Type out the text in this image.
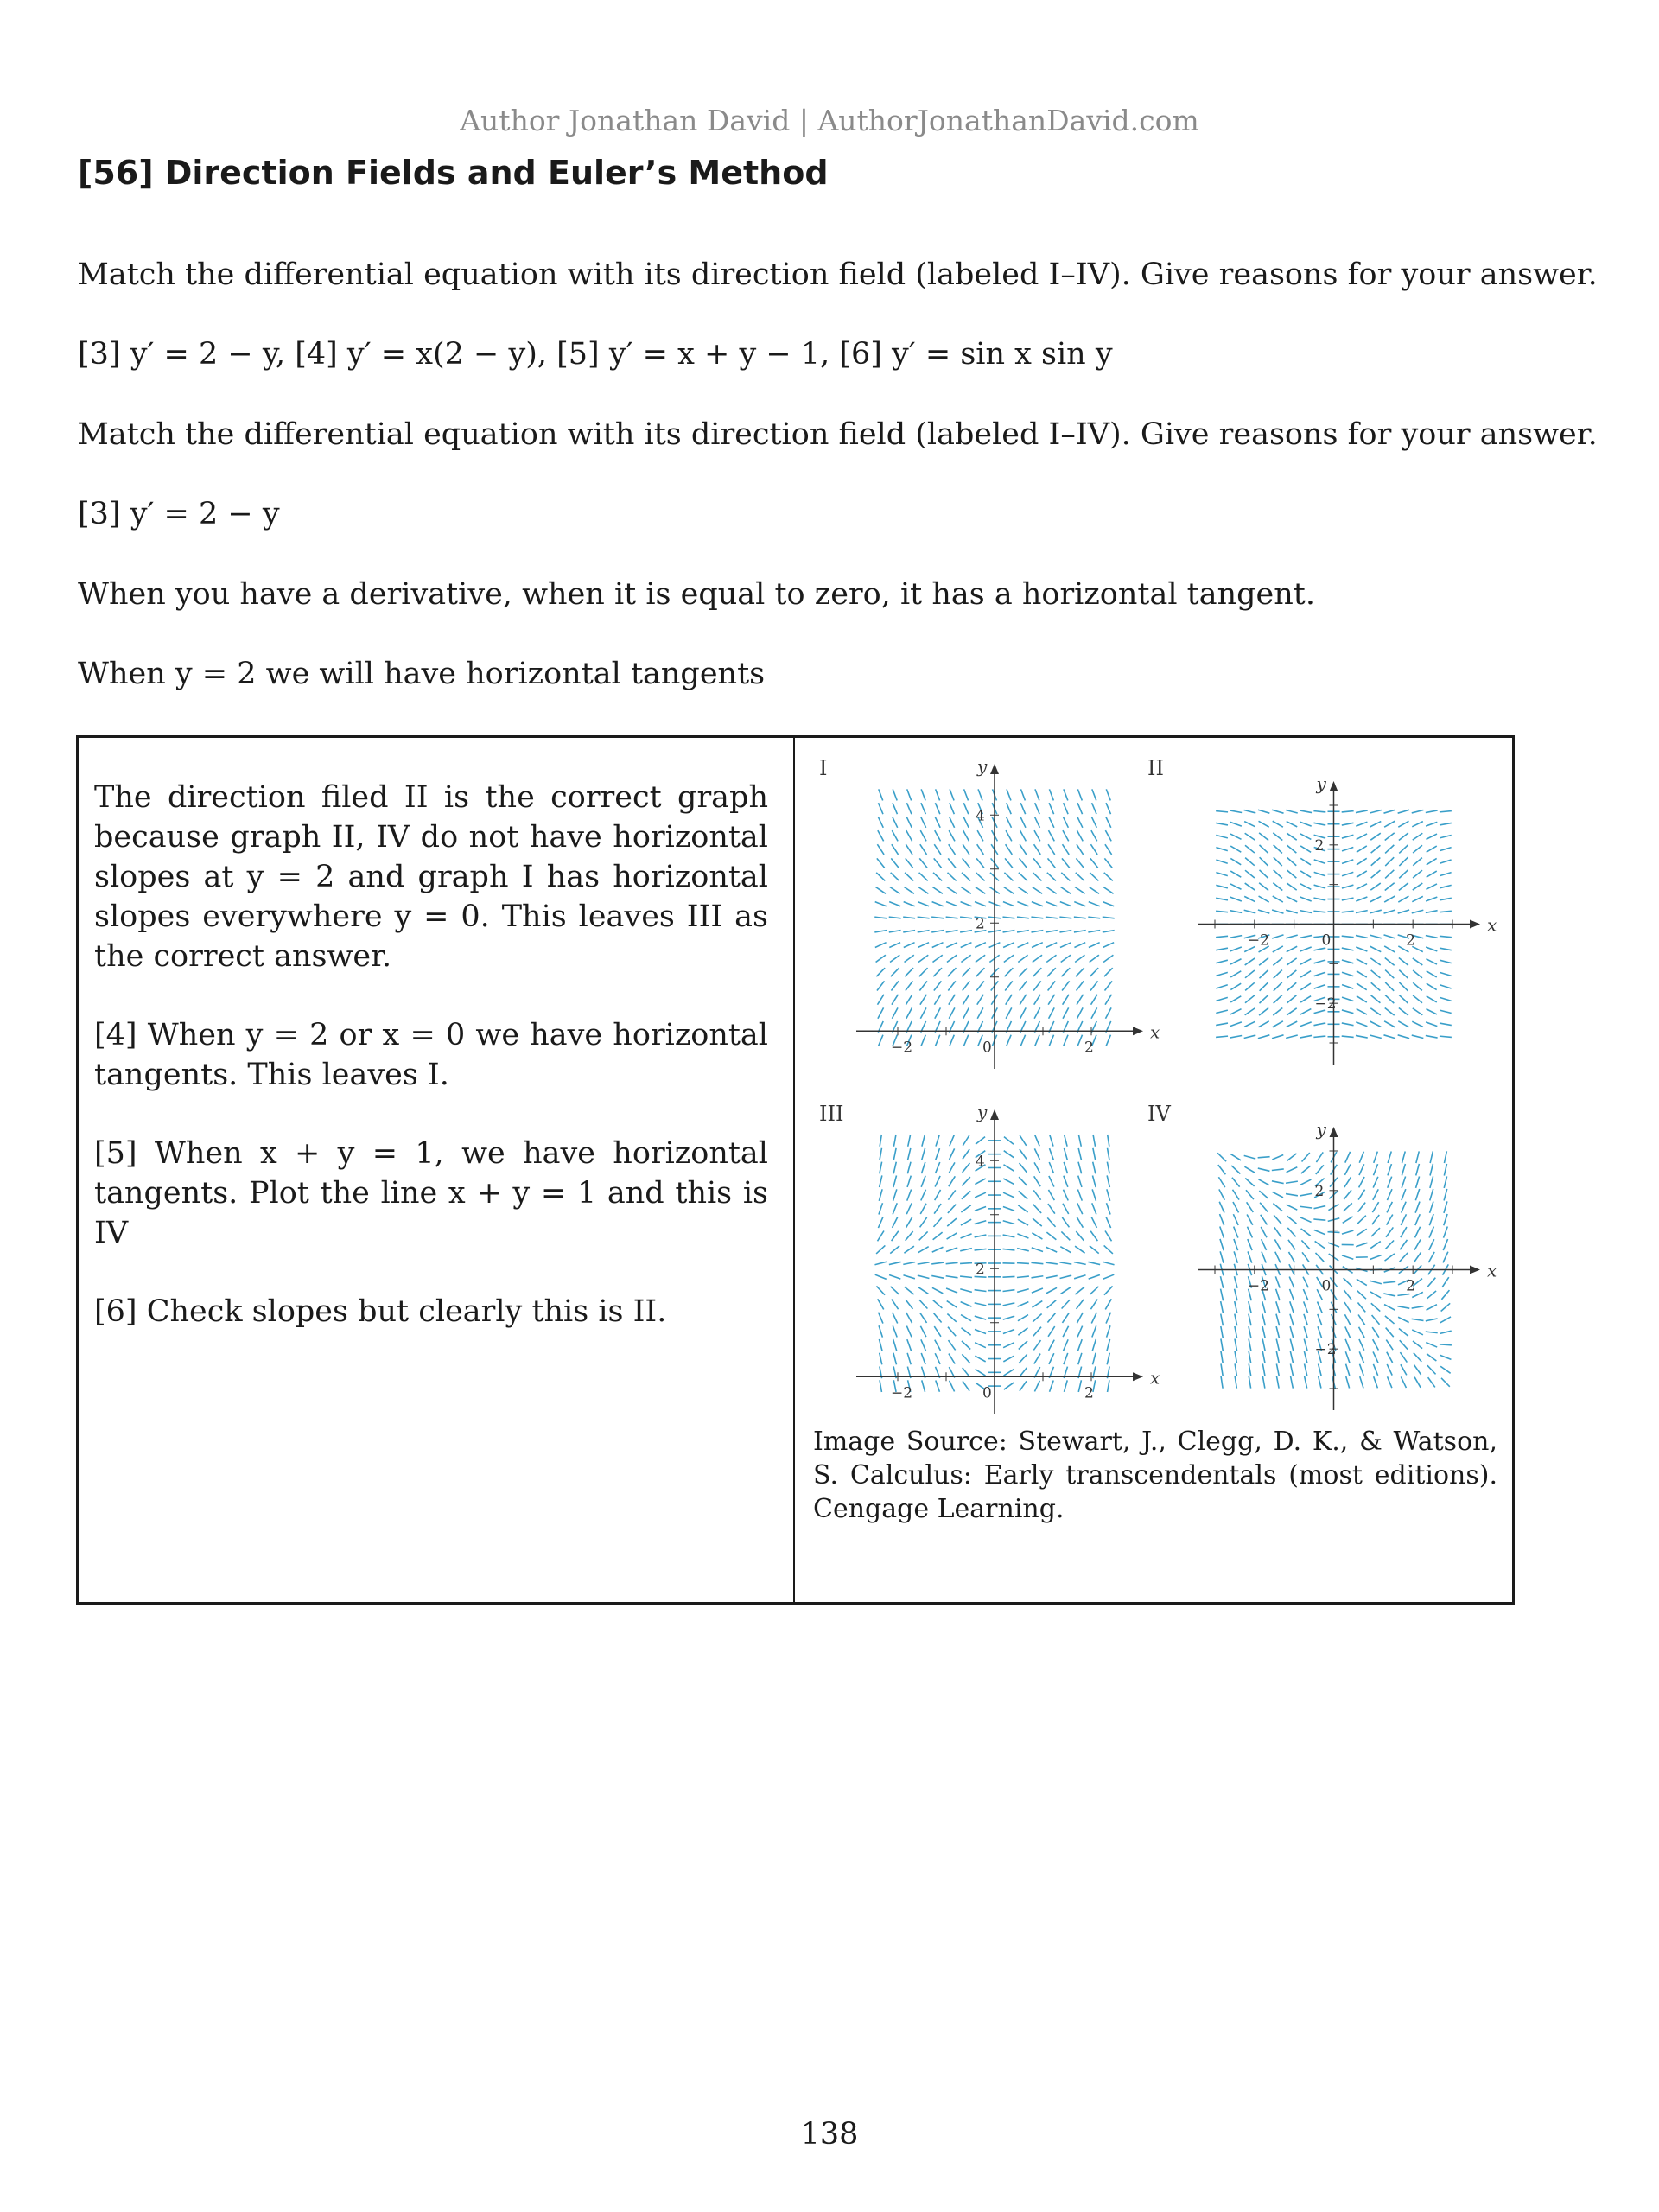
Author Jonathan David | AuthorJonathanDavid.com
[56] Direction Fields and Euler’s Method
Match the differential equation with its direction field (labeled I–IV). Give reasons for your answer.
[3] y′ = 2 − y, [4] y′ = x(2 − y), [5] y′ = x + y − 1, [6] y′ = sin x sin y
Match the differential equation with its direction field (labeled I–IV). Give reasons for your answer.
[3] y′ = 2 − y
When you have a derivative, when it is equal to zero, it has a horizontal tangent.
When y = 2 we will have horizontal tangents

The direction filed II is the correct graph because graph II, IV do not have horizontal slopes at y = 2 and graph I has horizontal slopes everywhere y = 0. This leaves III as the correct answer.

[4] When y = 2 or x = 0 we have horizontal tangents. This leaves I.

[5] When x + y = 1, we have horizontal tangents. Plot the line x + y = 1 and this is IV

[6] Check slopes but clearly this is II.

I
x
y
−2	0	2
2
4
II
x
y
−2	0	2
2
−2
III
x
y
−2	0	2
2
4
IV
x
y
−2	0	2
2
−2
Image Source: Stewart, J., Clegg, D. K., & Watson, S. Calculus: Early transcendentals (most editions). Cengage Learning.
138
